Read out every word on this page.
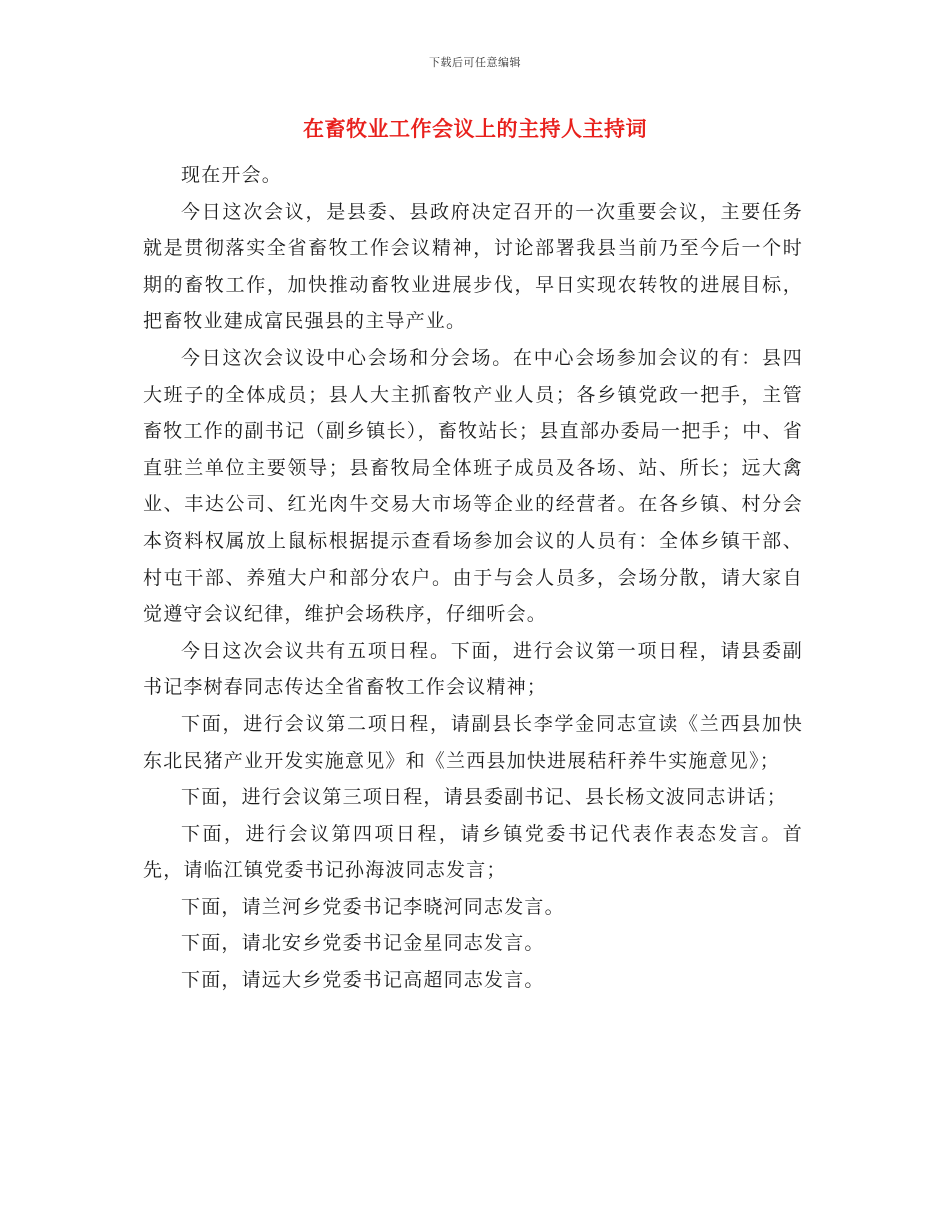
下载后可任意编辑
在畜牧业工作会议上的主持人主持词

现在开会。

今日这次会议，是县委、县政府决定召开的一次重要会议，主要任务就是贯彻落实全省畜牧工作会议精神，讨论部署我县当前乃至今后一个时期的畜牧工作，加快推动畜牧业进展步伐，早日实现农转牧的进展目标，把畜牧业建成富民强县的主导产业。

今日这次会议设中心会场和分会场。在中心会场参加会议的有：县四大班子的全体成员；县人大主抓畜牧产业人员；各乡镇党政一把手，主管畜牧工作的副书记（副乡镇长），畜牧站长；县直部办委局一把手；中、省直驻兰单位主要领导；县畜牧局全体班子成员及各场、站、所长；远大禽业、丰达公司、红光肉牛交易大市场等企业的经营者。在各乡镇、村分会本资料权属放上鼠标根据提示查看场参加会议的人员有：全体乡镇干部、村屯干部、养殖大户和部分农户。由于与会人员多，会场分散，请大家自觉遵守会议纪律，维护会场秩序，仔细听会。

今日这次会议共有五项日程。下面，进行会议第一项日程，请县委副书记李树春同志传达全省畜牧工作会议精神；

下面，进行会议第二项日程，请副县长李学金同志宣读《兰西县加快东北民猪产业开发实施意见》和《兰西县加快进展秸秆养牛实施意见》；

下面，进行会议第三项日程，请县委副书记、县长杨文波同志讲话；

下面，进行会议第四项日程，请乡镇党委书记代表作表态发言。首先，请临江镇党委书记孙海波同志发言；

下面，请兰河乡党委书记李晓河同志发言。

下面，请北安乡党委书记金星同志发言。

下面，请远大乡党委书记高超同志发言。
